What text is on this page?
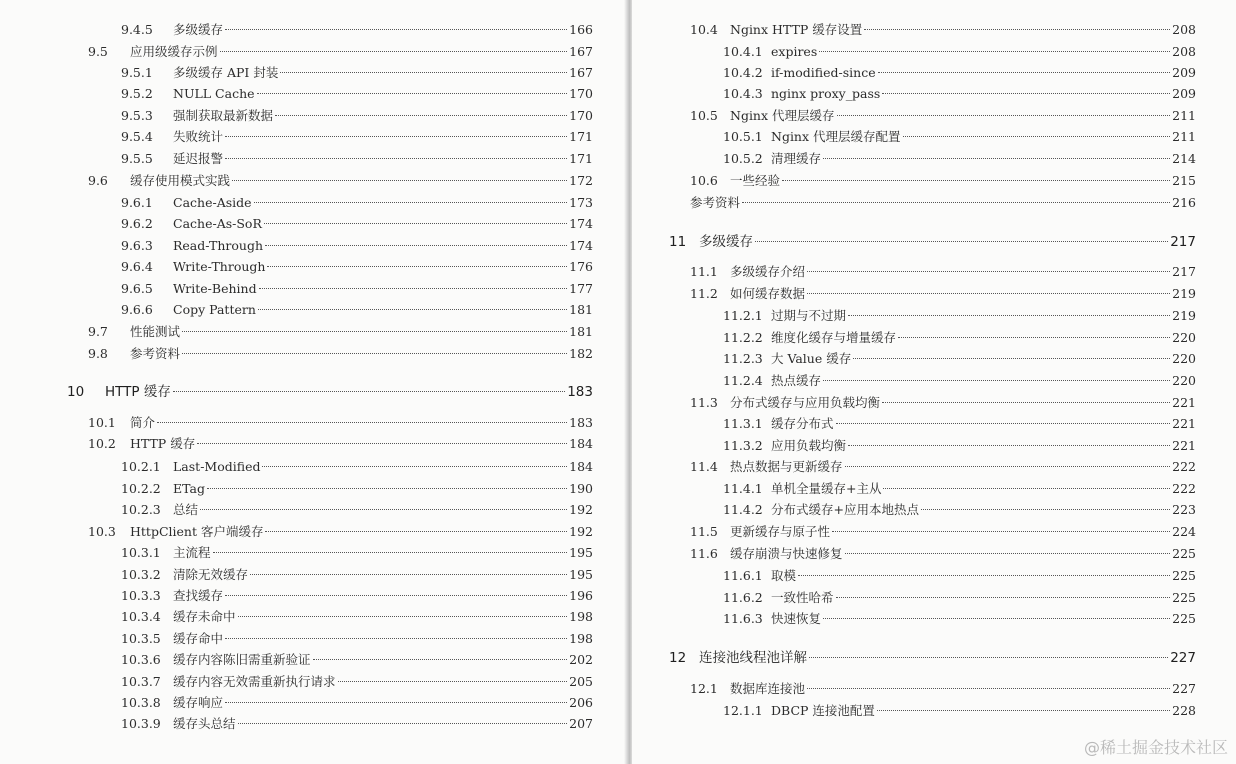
9.4.5	多级缓存	166
9.5	应用级缓存示例	167
9.5.1	多级缓存 API 封装	167
9.5.2	NULL Cache	170
9.5.3	强制获取最新数据	170
9.5.4	失败统计	171
9.5.5	延迟报警	171
9.6	缓存使用模式实践	172
9.6.1	Cache-Aside	173
9.6.2	Cache-As-SoR	174
9.6.3	Read-Through	174
9.6.4	Write-Through	176
9.6.5	Write-Behind	177
9.6.6	Copy Pattern	181
9.7	性能测试	181
9.8	参考资料	182
10	HTTP 缓存	183
10.1	简介	183
10.2	HTTP 缓存	184
10.2.1 Last-Modified	184
10.2.2 ETag	190
10.2.3 总结	192
10.3	HttpClient 客户端缓存	192
10.3.1 主流程	195
10.3.2 清除无效缓存	195
10.3.3 查找缓存	196
10.3.4 缓存未命中	198
10.3.5 缓存命中	198
10.3.6 缓存内容陈旧需重新验证	202
10.3.7 缓存内容无效需重新执行请求	205
10.3.8 缓存响应	206
10.3.9 缓存头总结	207
10.4 Nginx HTTP 缓存设置	208
10.4.1 expires	208
10.4.2 if-modified-since	209
10.4.3 nginx proxy_pass	209
10.5 Nginx 代理层缓存	211
10.5.1 Nginx 代理层缓存配置	211
10.5.2 清理缓存	214
10.6 一些经验	215
参考资料	216
11 多级缓存	217
11.1 多级缓存介绍	217
11.2 如何缓存数据	219
11.2.1 过期与不过期	219
11.2.2 维度化缓存与增量缓存	220
11.2.3 大 Value 缓存	220
11.2.4 热点缓存	220
11.3 分布式缓存与应用负载均衡	221
11.3.1 缓存分布式	221
11.3.2 应用负载均衡	221
11.4 热点数据与更新缓存	222
11.4.1 单机全量缓存+主从	222
11.4.2 分布式缓存+应用本地热点	223
11.5 更新缓存与原子性	224
11.6 缓存崩溃与快速修复	225
11.6.1 取模	225
11.6.2 一致性哈希	225
11.6.3 快速恢复	225
12 连接池线程池详解	227
12.1 数据库连接池	227
12.1.1 DBCP 连接池配置	228
@稀土掘金技术社区
